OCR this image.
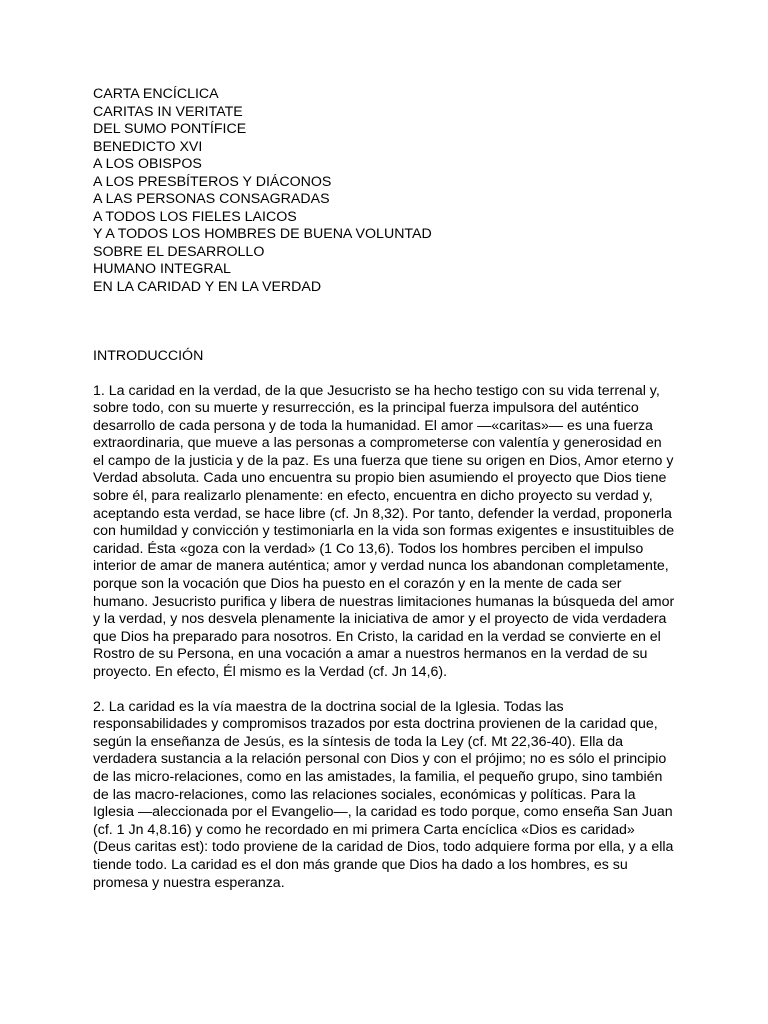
CARTA ENCÍCLICA
CARITAS IN VERITATE
DEL SUMO PONTÍFICE
BENEDICTO XVI
A LOS OBISPOS
A LOS PRESBÍTEROS Y DIÁCONOS
A LAS PERSONAS CONSAGRADAS
A TODOS LOS FIELES LAICOS
Y A TODOS LOS HOMBRES DE BUENA VOLUNTAD
SOBRE EL DESARROLLO
HUMANO INTEGRAL
EN LA CARIDAD Y EN LA VERDAD
INTRODUCCIÓN

1. La caridad en la verdad, de la que Jesucristo se ha hecho testigo con su vida terrenal y,
sobre todo, con su muerte y resurrección, es la principal fuerza impulsora del auténtico
desarrollo de cada persona y de toda la humanidad. El amor —«caritas»— es una fuerza
extraordinaria, que mueve a las personas a comprometerse con valentía y generosidad en
el campo de la justicia y de la paz. Es una fuerza que tiene su origen en Dios, Amor eterno y
Verdad absoluta. Cada uno encuentra su propio bien asumiendo el proyecto que Dios tiene
sobre él, para realizarlo plenamente: en efecto, encuentra en dicho proyecto su verdad y,
aceptando esta verdad, se hace libre (cf. Jn 8,32). Por tanto, defender la verdad, proponerla
con humildad y convicción y testimoniarla en la vida son formas exigentes e insustituibles de
caridad. Ésta «goza con la verdad» (1 Co 13,6). Todos los hombres perciben el impulso
interior de amar de manera auténtica; amor y verdad nunca los abandonan completamente,
porque son la vocación que Dios ha puesto en el corazón y en la mente de cada ser
humano. Jesucristo purifica y libera de nuestras limitaciones humanas la búsqueda del amor
y la verdad, y nos desvela plenamente la iniciativa de amor y el proyecto de vida verdadera
que Dios ha preparado para nosotros. En Cristo, la caridad en la verdad se convierte en el
Rostro de su Persona, en una vocación a amar a nuestros hermanos en la verdad de su
proyecto. En efecto, Él mismo es la Verdad (cf. Jn 14,6).

2. La caridad es la vía maestra de la doctrina social de la Iglesia. Todas las
responsabilidades y compromisos trazados por esta doctrina provienen de la caridad que,
según la enseñanza de Jesús, es la síntesis de toda la Ley (cf. Mt 22,36-40). Ella da
verdadera sustancia a la relación personal con Dios y con el prójimo; no es sólo el principio
de las micro-relaciones, como en las amistades, la familia, el pequeño grupo, sino también
de las macro-relaciones, como las relaciones sociales, económicas y políticas. Para la
Iglesia —aleccionada por el Evangelio—, la caridad es todo porque, como enseña San Juan
(cf. 1 Jn 4,8.16) y como he recordado en mi primera Carta encíclica «Dios es caridad»
(Deus caritas est): todo proviene de la caridad de Dios, todo adquiere forma por ella, y a ella
tiende todo. La caridad es el don más grande que Dios ha dado a los hombres, es su
promesa y nuestra esperanza.
